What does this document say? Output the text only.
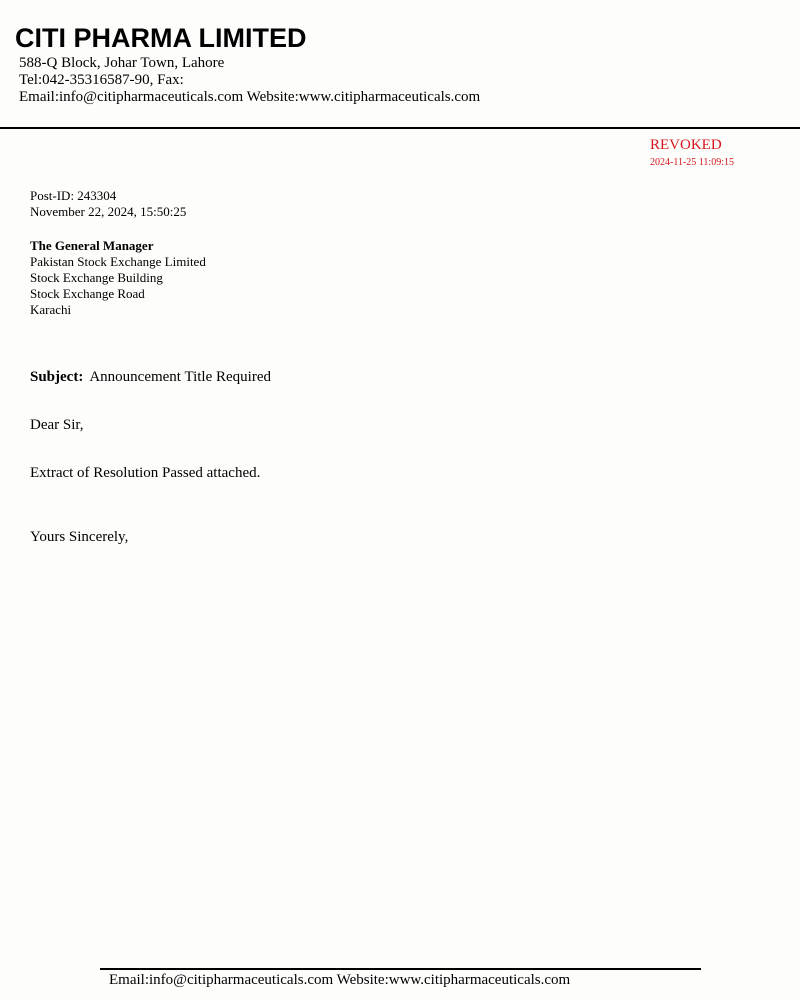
CITI PHARMA LIMITED
588-Q Block, Johar Town, Lahore
Tel:042-35316587-90, Fax:
Email:info@citipharmaceuticals.com Website:www.citipharmaceuticals.com
REVOKED
2024-11-25 11:09:15
Post-ID: 243304
November 22, 2024, 15:50:25
The General Manager
Pakistan Stock Exchange Limited
Stock Exchange Building
Stock Exchange Road
Karachi
Subject: Announcement Title Required
Dear Sir,
Extract of Resolution Passed attached.
Yours Sincerely,
Email:info@citipharmaceuticals.com Website:www.citipharmaceuticals.com
